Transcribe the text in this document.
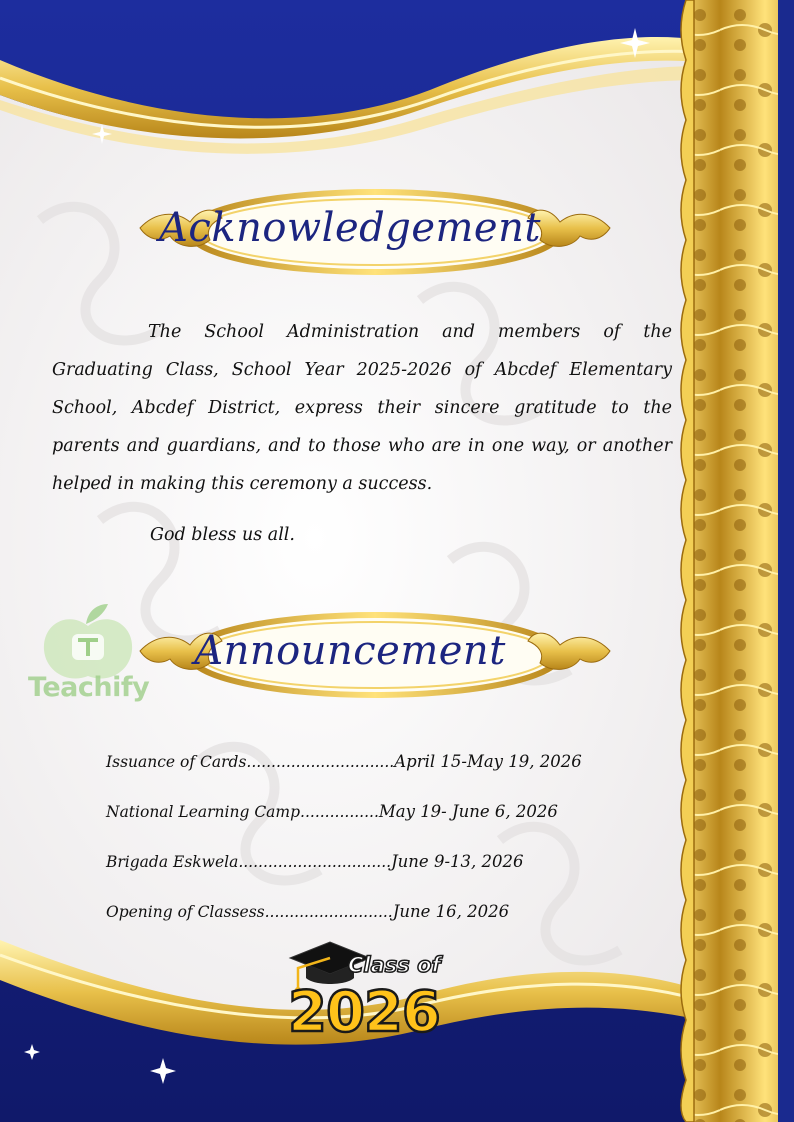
Teachify
Acknowledgement

The School Administration and members of the Graduating Class, School Year 2025-2026 of Abcdef Elementary School, Abcdef District, express their sincere gratitude to the parents and guardians, and to those who are in one way, or another helped in making this ceremony a success.

God bless us all.
Announcement
Issuance of Cards..............................April 15-May 19, 2026
National Learning Camp................May 19- June 6, 2026
Brigada Eskwela...............................June 9-13, 2026
Opening of Classess..........................June 16, 2026
Class of
2026
